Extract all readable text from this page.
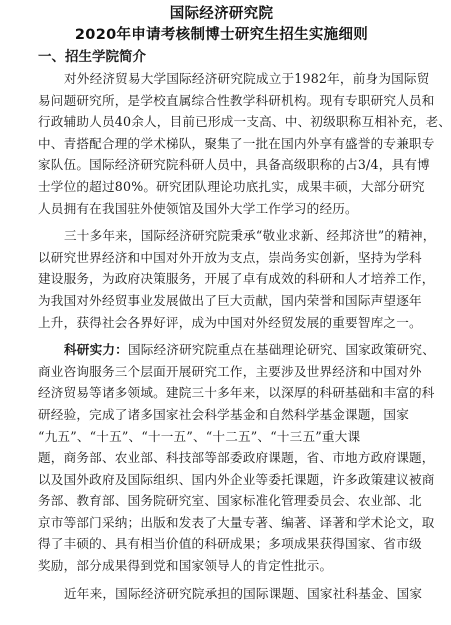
国际经济研究院
2020年申请考核制博士研究生招生实施细则
一、招生学院简介
对外经济贸易大学国际经济研究院成立于1982年，前身为国际贸
易问题研究所，是学校直属综合性教学科研机构。现有专职研究人员和
行政辅助人员40余人，目前已形成一支高、中、初级职称互相补充，老、
中、青搭配合理的学术梯队，聚集了一批在国内外享有盛誉的专兼职专
家队伍。国际经济研究院科研人员中，具备高级职称的占3/4，具有博
士学位的超过80%。研究团队理论功底扎实，成果丰硕，大部分研究
人员拥有在我国驻外使领馆及国外大学工作学习的经历。
三十多年来，国际经济研究院秉承“敬业求新、经邦济世”的精神，
以研究世界经济和中国对外开放为支点，崇尚务实创新，坚持为学科
建设服务，为政府决策服务，开展了卓有成效的科研和人才培养工作，
为我国对外经贸事业发展做出了巨大贡献，国内荣誉和国际声望逐年
上升，获得社会各界好评，成为中国对外经贸发展的重要智库之一。
科研实力：国际经济研究院重点在基础理论研究、国家政策研究、
商业咨询服务三个层面开展研究工作，主要涉及世界经济和中国对外
经济贸易等诸多领域。建院三十多年来，以深厚的科研基础和丰富的科
研经验，完成了诸多国家社会科学基金和自然科学基金课题，国家
“九五”、“十五”、“十一五”、“十二五”、“十三五”重大课
题，商务部、农业部、科技部等部委政府课题，省、市地方政府课题，
以及国外政府及国际组织、国内外企业等委托课题，许多政策建议被商
务部、教育部、国务院研究室、国家标准化管理委员会、农业部、北
京市等部门采纳；出版和发表了大量专著、编著、译著和学术论文，取
得了丰硕的、具有相当价值的科研成果；多项成果获得国家、省市级
奖励，部分成果得到党和国家领导人的肯定性批示。
近年来，国际经济研究院承担的国际课题、国家社科基金、国家
